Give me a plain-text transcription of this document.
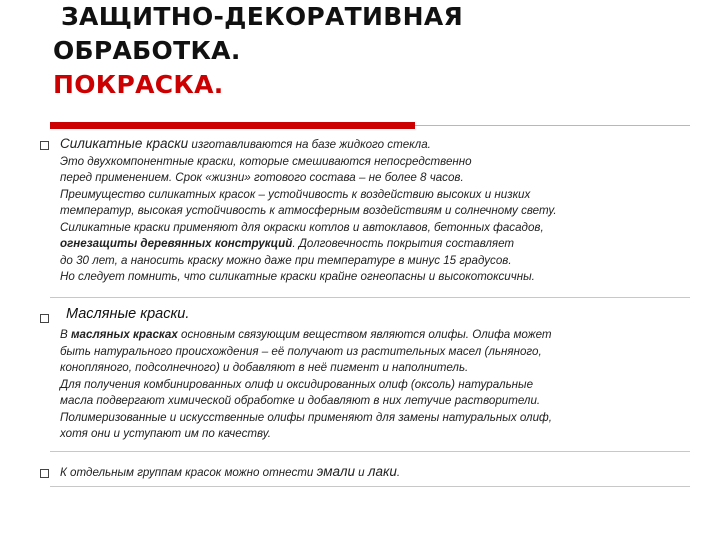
ЗАЩИТНО-ДЕКОРАТИВНАЯ
ОБРАБОТКА.
ПОКРАСКА.

Силикатные краски изготавливаются на базе жидкого стекла.

Это двухкомпонентные краски, которые смешиваются непосредственно

перед применением. Срок «жизни» готового состава – не более 8 часов.

Преимущество силикатных красок – устойчивость к воздействию высоких и низких

температур, высокая устойчивость к атмосферным воздействиям и солнечному свету.

Силикатные краски применяют для окраски котлов и автоклавов, бетонных фасадов,

огнезащиты деревянных конструкций. Долговечность покрытия составляет

до 30 лет, а наносить краску можно даже при температуре в минус 15 градусов.

Но следует помнить, что силикатные краски крайне огнеопасны и высокотоксичны.

Масляные краски.

В масляных красках основным связующим веществом являются олифы. Олифа может

быть натурального происхождения – её получают из растительных масел (льняного,

конопляного, подсолнечного) и добавляют в неё пигмент и наполнитель.

Для получения комбинированных олиф и оксидированных олиф (оксоль) натуральные

масла подвергают химической обработке и добавляют в них летучие растворители.

Полимеризованные и искусственные олифы применяют для замены натуральных олиф,

хотя они и уступают им по качеству.

К отдельным группам красок можно отнести эмали и лаки.
